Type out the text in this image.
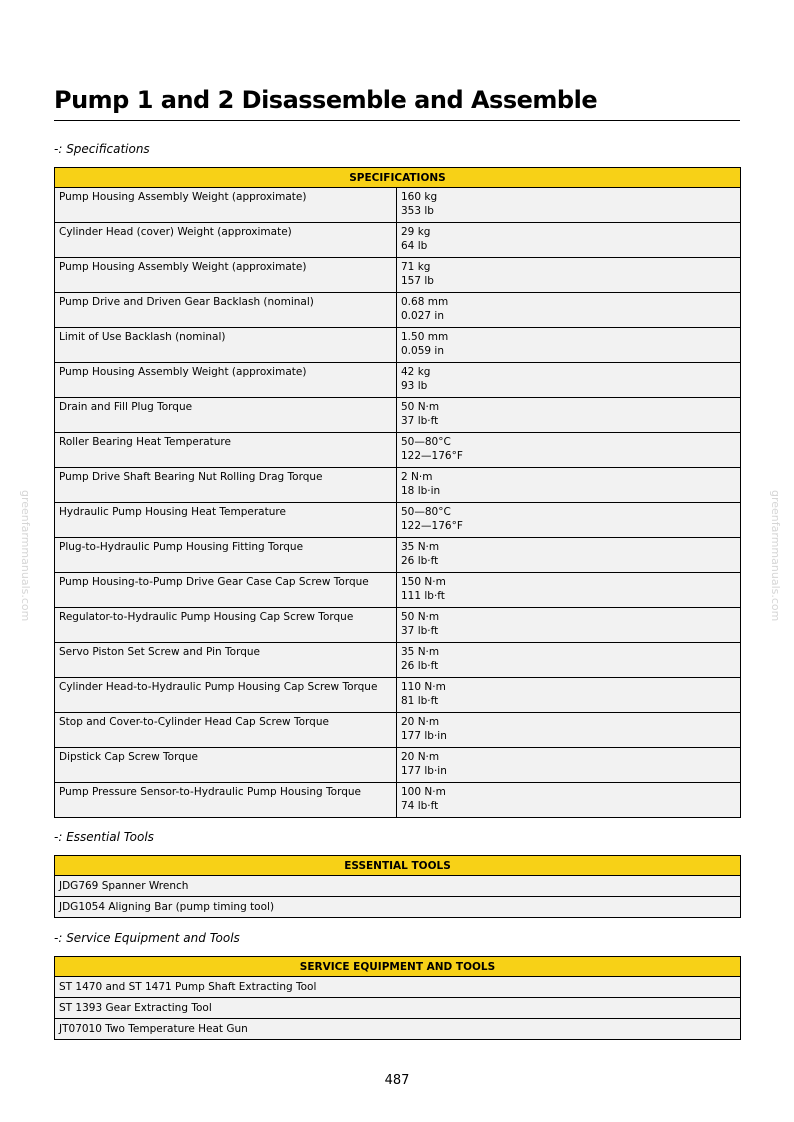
Pump 1 and 2 Disassemble and Assemble
-: Specifications
SPECIFICATIONS	
Pump Housing Assembly Weight (approximate)	160 kg
353 lb

Cylinder Head (cover) Weight (approximate)	29 kg
64 lb

Pump Housing Assembly Weight (approximate)	71 kg
157 lb

Pump Drive and Driven Gear Backlash (nominal)	0.68 mm
0.027 in

Limit of Use Backlash (nominal)	1.50 mm
0.059 in

Pump Housing Assembly Weight (approximate)	42 kg
93 lb

Drain and Fill Plug Torque	50 N·m
37 lb·ft

Roller Bearing Heat Temperature	50—80°C
122—176°F

Pump Drive Shaft Bearing Nut Rolling Drag Torque	2 N·m
18 lb·in

Hydraulic Pump Housing Heat Temperature	50—80°C
122—176°F

Plug-to-Hydraulic Pump Housing Fitting Torque	35 N·m
26 lb·ft

Pump Housing-to-Pump Drive Gear Case Cap Screw Torque	150 N·m
111 lb·ft

Regulator-to-Hydraulic Pump Housing Cap Screw Torque	50 N·m
37 lb·ft

Servo Piston Set Screw and Pin Torque	35 N·m
26 lb·ft

Cylinder Head-to-Hydraulic Pump Housing Cap Screw Torque	110 N·m
81 lb·ft

Stop and Cover-to-Cylinder Head Cap Screw Torque	20 N·m
177 lb·in

Dipstick Cap Screw Torque	20 N·m
177 lb·in

Pump Pressure Sensor-to-Hydraulic Pump Housing Torque	100 N·m
74 lb·ft
-: Essential Tools
ESSENTIAL TOOLS
JDG769 Spanner Wrench
JDG1054 Aligning Bar (pump timing tool)
-: Service Equipment and Tools
SERVICE EQUIPMENT AND TOOLS
ST 1470 and ST 1471 Pump Shaft Extracting Tool
ST 1393 Gear Extracting Tool
JT07010 Two Temperature Heat Gun
greenfarmmanuals.com	greenfarmmanuals.com
487
